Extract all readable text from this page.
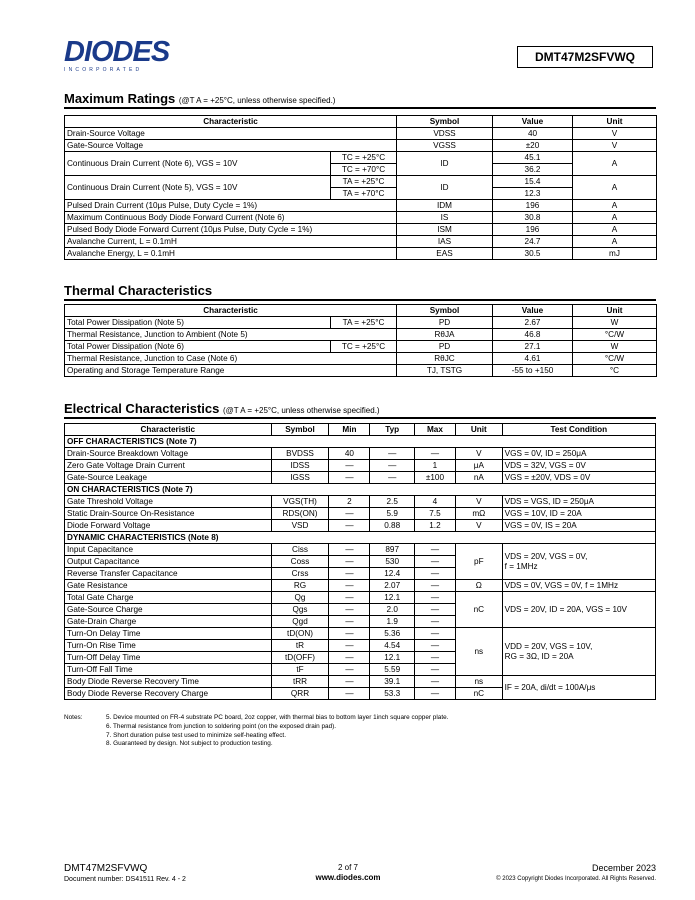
DIODES
INCORPORATED
DMT47M2SFVWQ
Maximum Ratings (@T A = +25°C, unless otherwise specified.)
Characteristic		Symbol	Value	Unit
Drain-Source Voltage		VDSS	40	V
Gate-Source Voltage		VGSS	±20	V
Continuous Drain Current (Note 6), VGS = 10V	TC = +25°C	ID	45.1	A
	TC = +70°C		36.2	
Continuous Drain Current (Note 5), VGS = 10V	TA = +25°C	ID	15.4	A
	TA = +70°C		12.3	
Pulsed Drain Current (10μs Pulse, Duty Cycle = 1%)		IDM	196	A
Maximum Continuous Body Diode Forward Current (Note 6)		IS	30.8	A
Pulsed Body Diode Forward Current (10μs Pulse, Duty Cycle = 1%)		ISM	196	A
Avalanche Current, L = 0.1mH		IAS	24.7	A
Avalanche Energy, L = 0.1mH		EAS	30.5	mJ
Thermal Characteristics
Characteristic		Symbol	Value	Unit
Total Power Dissipation (Note 5)	TA = +25°C	PD	2.67	W
Thermal Resistance, Junction to Ambient (Note 5)		RθJA	46.8	°C/W
Total Power Dissipation (Note 6)	TC = +25°C	PD	27.1	W
Thermal Resistance, Junction to Case (Note 6)		RθJC	4.61	°C/W
Operating and Storage Temperature Range		TJ, TSTG	-55 to +150	°C
Electrical Characteristics (@T A = +25°C, unless otherwise specified.)
Characteristic	Symbol	Min	Typ	Max	Unit	Test Condition
OFF CHARACTERISTICS (Note 7)						
Drain-Source Breakdown Voltage	BVDSS	40	—	—	V	VGS = 0V, ID = 250μA
Zero Gate Voltage Drain Current	IDSS	—	—	1	μA	VDS = 32V, VGS = 0V
Gate-Source Leakage	IGSS	—	—	±100	nA	VGS = ±20V, VDS = 0V
ON CHARACTERISTICS (Note 7)						
Gate Threshold Voltage	VGS(TH)	2	2.5	4	V	VDS = VGS, ID = 250μA
Static Drain-Source On-Resistance	RDS(ON)	—	5.9	7.5	mΩ	VGS = 10V, ID = 20A
Diode Forward Voltage	VSD	—	0.88	1.2	V	VGS = 0V, IS = 20A
DYNAMIC CHARACTERISTICS (Note 8)						
Input Capacitance	Ciss	—	897	—	pF	VDS = 20V, VGS = 0V,
f = 1MHz
Output Capacitance	Coss	—	530	—		
Reverse Transfer Capacitance	Crss	—	12.4	—		
Gate Resistance	RG	—	2.07	—	Ω	VDS = 0V, VGS = 0V, f = 1MHz
Total Gate Charge	Qg	—	12.1	—	nC	VDS = 20V, ID = 20A, VGS = 10V
Gate-Source Charge	Qgs	—	2.0	—		
Gate-Drain Charge	Qgd	—	1.9	—		
Turn-On Delay Time	tD(ON)	—	5.36	—	ns	VDD = 20V, VGS = 10V,
RG = 3Ω, ID = 20A
Turn-On Rise Time	tR	—	4.54	—		
Turn-Off Delay Time	tD(OFF)	—	12.1	—		
Turn-Off Fall Time	tF	—	5.59	—		
Body Diode Reverse Recovery Time	tRR	—	39.1	—	ns	IF = 20A, di/dt = 100A/μs
Body Diode Reverse Recovery Charge	QRR	—	53.3	—	nC	
Notes:	5. Device mounted on FR-4 substrate PC board, 2oz copper, with thermal bias to bottom layer 1inch square copper plate.
6. Thermal resistance from junction to soldering point (on the exposed drain pad).
7. Short duration pulse test used to minimize self-heating effect.
8. Guaranteed by design. Not subject to production testing.
DMT47M2SFVWQ
Document number: DS41511 Rev. 4 - 2
2 of 7
www.diodes.com
December 2023
© 2023 Copyright Diodes Incorporated. All Rights Reserved.
